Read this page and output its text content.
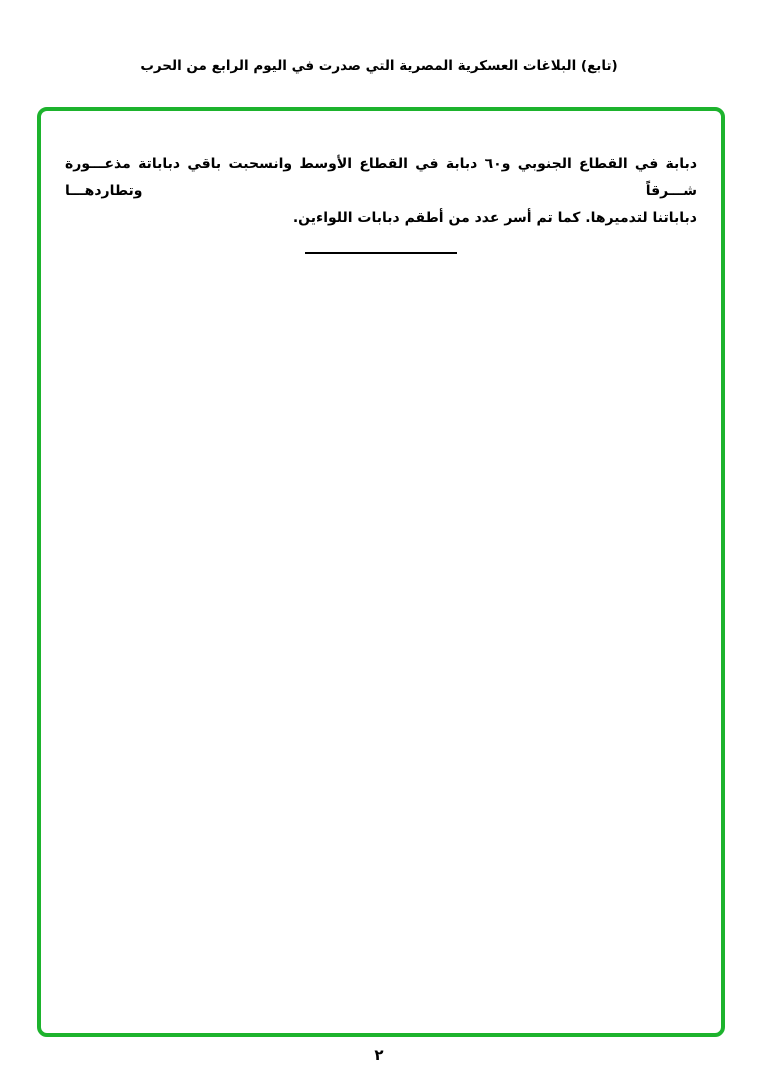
(تابع) البلاغات العسكرية المصرية التي صدرت في اليوم الرابع من الحرب
دبابة في القطاع الجنوبي و٦٠ دبابة في القطاع الأوسط وانسحبت باقي دباباتة مذعـــورة شـــرقاً وتطاردهـــا
دباباتنا لتدميرها. كما تم أسر عدد من أطقم دبابات اللواءين.
٢
